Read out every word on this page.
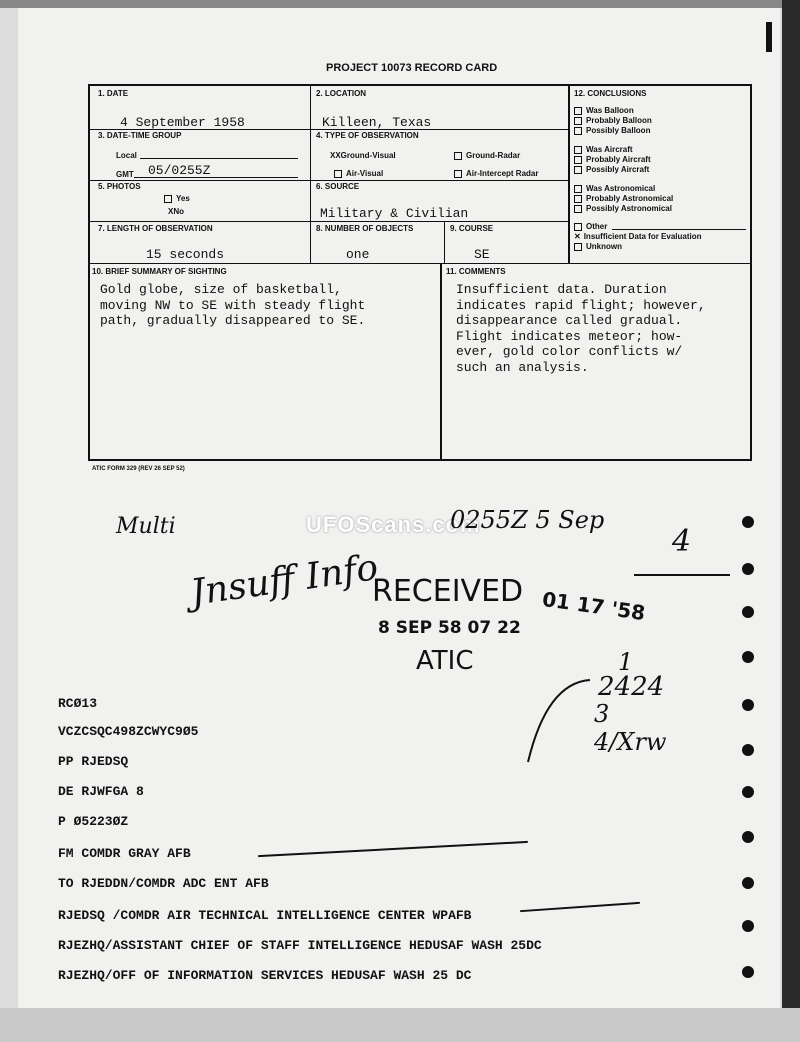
PROJECT 10073 RECORD CARD
1. DATE
4 September 1958
2. LOCATION
Killeen, Texas
3. DATE-TIME GROUP
Local
GMT 05/0255Z
4. TYPE OF OBSERVATION
XXGround-Visual	Ground-Radar
Air-Visual	Air-Intercept Radar
5. PHOTOS
Yes
XNo
6. SOURCE
Military & Civilian
7. LENGTH OF OBSERVATION
15 seconds
8. NUMBER OF OBJECTS
one
9. COURSE
SE
10. BRIEF SUMMARY OF SIGHTING
Gold globe, size of basketball,
moving NW to SE with steady flight
path, gradually disappeared to SE.
11. COMMENTS
Insufficient data. Duration
indicates rapid flight; however,
disappearance called gradual.
Flight indicates meteor; how-
ever, gold color conflicts w/
such an analysis.
12. CONCLUSIONS
Was Balloon
Probably Balloon
Possibly Balloon
Was Aircraft
Probably Aircraft
Possibly Aircraft
Was Astronomical
Probably Astronomical
Possibly Astronomical
Other
✕ Insufficient Data for Evaluation
Unknown
ATIC FORM 329 (REV 26 SEP 52)
Multi	UFOScans.com
0255Z 5 Sep
4
Jnsuff Info
RECEIVED 01 17 '58
8 SEP 58 07 22
ATIC	1
2424
3
4/Xrw
RCØ13
VCZCSQC498ZCWYC9Ø5
PP RJEDSQ
DE RJWFGA 8
P Ø5223ØZ
FM COMDR GRAY AFB
TO RJEDDN/COMDR ADC ENT AFB
RJEDSQ /COMDR AIR TECHNICAL INTELLIGENCE CENTER WPAFB
RJEZHQ/ASSISTANT CHIEF OF STAFF INTELLIGENCE HEDUSAF WASH 25DC
RJEZHQ/OFF OF INFORMATION SERVICES HEDUSAF WASH 25 DC
